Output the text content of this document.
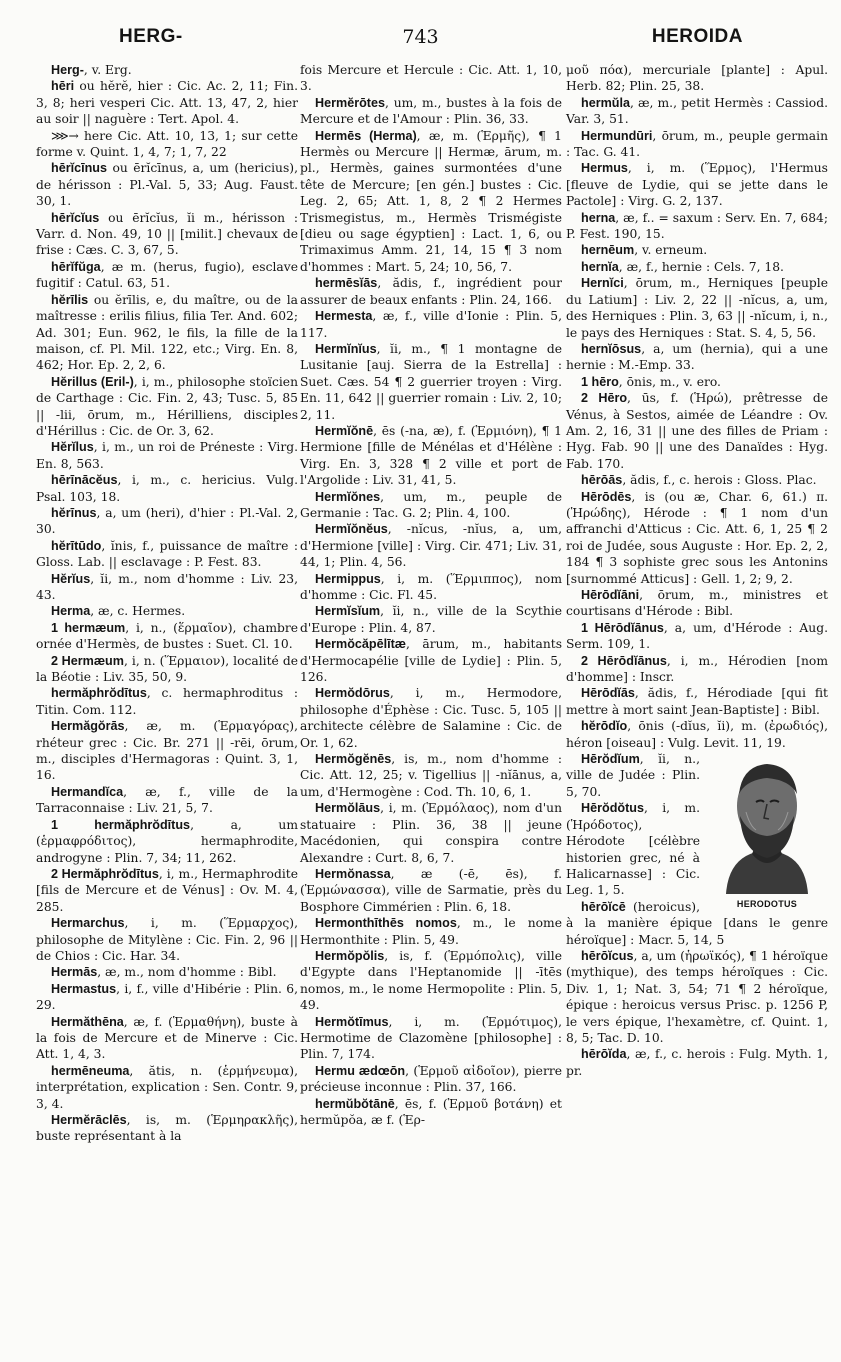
HERG-	743	HEROIDA

Herg-, v. Erg.

hēri ou hĕrĕ, hier : Cic. Ac. 2, 11; Fin. 3, 8; heri vesperi Cic. Att. 13, 47, 2, hier au soir || naguère : Tert. Apol. 4.

⋙→ here Cic. Att. 10, 13, 1; sur cette forme v. Quint. 1, 4, 7; 1, 7, 22

hērĭcīnus ou ērĭcīnus, a, um (hericius), de hérisson : Pl.-Val. 5, 33; Aug. Faust. 30, 1.

hērĭcĭus ou ērĭcĭus, ĭi m., hérisson : Varr. d. Non. 49, 10 || [milit.] chevaux de frise : Cæs. C. 3, 67, 5.

hērĭfŭga, æ m. (herus, fugio), esclave fugitif : Catul. 63, 51.

hĕrīlis ou ĕrīlis, e, du maître, ou de la maîtresse : erilis filius, filia Ter. And. 602; Ad. 301; Eun. 962, le fils, la fille de la maison, cf. Pl. Mil. 122, etc.; Virg. En. 8, 462; Hor. Ep. 2, 2, 6.

Hĕrillus (Eril-), i, m., philosophe stoïcien de Carthage : Cic. Fin. 2, 43; Tusc. 5, 85 || -lii, ōrum, m., Hérilliens, disciples d'Hérillus : Cic. de Or. 3, 62.

Hĕrĭlus, i, m., un roi de Préneste : Virg. En. 8, 563.

hērīnācĕus, i, m., c. hericius. Vulg. Psal. 103, 18.

hĕrīnus, a, um (heri), d'hier : Pl.-Val. 2, 30.

hĕrītūdo, ĭnis, f., puissance de maître : Gloss. Lab. || esclavage : P. Fest. 83.

Hĕrĭus, ĭi, m., nom d'homme : Liv. 23, 43.

Herma, æ, c. Hermes.

1 hermæum, i, n., (ἕρμαῖον), chambre ornée d'Hermès, de bustes : Suet. Cl. 10.

2 Hermæum, i, n. (Ἕρμαιον), localité de la Béotie : Liv. 35, 50, 9.

hermăphrŏdītus, c. hermaphroditus : Titin. Com. 112.

Hermăgŏrās, æ, m. (Ἑρμαγόρας), rhéteur grec : Cic. Br. 271 || -rēi, ōrum, m., disciples d'Hermagoras : Quint. 3, 1, 16.

Hermandĭca, æ, f., ville de la Tarraconnaise : Liv. 21, 5, 7.

1 hermăphrŏdītus, a, um (ἑρμαφρόδιτος), hermaphrodite, androgyne : Plin. 7, 34; 11, 262.

2 Hermăphrŏdītus, i, m., Hermaphrodite [fils de Mercure et de Vénus] : Ov. M. 4, 285.

Hermarchus, i, m. (Ἕρμαρχος), philosophe de Mitylène : Cic. Fin. 2, 96 || de Chios : Cic. Har. 34.

Hermās, æ, m., nom d'homme : Bibl.

Hermastus, i, f., ville d'Hibérie : Plin. 6, 29.

Hermăthēna, æ, f. (Ἑρμαθήνη), buste à la fois de Mercure et de Minerve : Cic. Att. 1, 4, 3.

hermēneuma, ătis, n. (ἑρμήνευμα), interprétation, explication : Sen. Contr. 9, 3, 4.

Hermĕrāclēs, is, m. (Ἑρμηρακλῆς), buste représentant à la

fois Mercure et Hercule : Cic. Att. 1, 10, 3.

Hermĕrōtes, um, m., bustes à la fois de Mercure et de l'Amour : Plin. 36, 33.

Hermēs (Herma), æ, m. (Ἑρμῆς), ¶ 1 Hermès ou Mercure || Hermæ, ārum, m. pl., Hermès, gaines surmontées d'une tête de Mercure; [en gén.] bustes : Cic. Leg. 2, 65; Att. 1, 8, 2 ¶ 2 Hermes Trismegistus, m., Hermès Trismégiste [dieu ou sage égyptien] : Lact. 1, 6, ou Trimaximus Amm. 21, 14, 15 ¶ 3 nom d'hommes : Mart. 5, 24; 10, 56, 7.

hermēsĭās, ădis, f., ingrédient pour assurer de beaux enfants : Plin. 24, 166.

Hermesta, æ, f., ville d'Ionie : Plin. 5, 117.

Hermĭnĭus, ĭi, m., ¶ 1 montagne de Lusitanie [auj. Sierra de la Estrella] : Suet. Cæs. 54 ¶ 2 guerrier troyen : Virg. En. 11, 642 || guerrier romain : Liv. 2, 10; 2, 11.

Hermĭŏnē, ēs (-na, æ), f. (Ἑρμιόνη), ¶ 1 Hermione [fille de Ménélas et d'Hélène : Virg. En. 3, 328 ¶ 2 ville et port de l'Argolide : Liv. 31, 41, 5.

Hermĭŏnes, um, m., peuple de Germanie : Tac. G. 2; Plin. 4, 100.

Hermĭŏnĕus, -nĭcus, -nĭus, a, um, d'Hermione [ville] : Virg. Cir. 471; Liv. 31, 44, 1; Plin. 4, 56.

Hermippus, i, m. (Ἕρμιππος), nom d'homme : Cic. Fl. 45.

Hermĭsĭum, ĭi, n., ville de la Scythie d'Europe : Plin. 4, 87.

Hermŏcăpēlītæ, ārum, m., habitants d'Hermocapélie [ville de Lydie] : Plin. 5, 126.

Hermŏdōrus, i, m., Hermodore, philosophe d'Éphèse : Cic. Tusc. 5, 105 || architecte célèbre de Salamine : Cic. de Or. 1, 62.

Hermŏgĕnēs, is, m., nom d'homme : Cic. Att. 12, 25; v. Tigellius || -nĭānus, a, um, d'Hermogène : Cod. Th. 10, 6, 1.

Hermŏlāus, i, m. (Ἑρμόλαος), nom d'un statuaire : Plin. 36, 38 || jeune Macédonien, qui conspira contre Alexandre : Curt. 8, 6, 7.

Hermŏnassa, æ (-ē, ēs), f. (Ἑρμώνασσα), ville de Sarmatie, près du Bosphore Cimmérien : Plin. 6, 18.

Hermonthīthēs nomos, m., le nome Hermonthite : Plin. 5, 49.

Hermŏpŏlis, is, f. (Ἑρμόπολις), ville d'Egypte dans l'Heptanomide || -ītēs nomos, m., le nome Hermopolite : Plin. 5, 49.

Hermŏtīmus, i, m. (Ἑρμότιμος), Hermotime de Clazomène [philosophe] : Plin. 7, 174.

Hermu ædœōn, (Ἑρμοῦ αἰδοῖον), pierre précieuse inconnue : Plin. 37, 166.

hermŭbŏtānē, ēs, f. (Ἑρμοῦ βοτάνη) et hermŭpŏa, æ f. (Ἑρ-

μοῦ πόα), mercuriale [plante] : Apul. Herb. 82; Plin. 25, 38.

hermŭla, æ, m., petit Hermès : Cassiod. Var. 3, 51.

Hermundūri, ōrum, m., peuple germain : Tac. G. 41.

Hermus, i, m. (Ἕρμος), l'Hermus [fleuve de Lydie, qui se jette dans le Pactole] : Virg. G. 2, 137.

herna, æ, f.. = saxum : Serv. En. 7, 684; P. Fest. 190, 15.

hernēum, v. erneum.

hernĭa, æ, f., hernie : Cels. 7, 18.

Hernĭci, ōrum, m., Herniques [peuple du Latium] : Liv. 2, 22 || -nĭcus, a, um, des Herniques : Plin. 3, 63 || -nĭcum, i, n., le pays des Herniques : Stat. S. 4, 5, 56.

hernĭōsus, a, um (hernia), qui a une hernie : M.-Emp. 33.

1 hēro, ōnis, m., v. ero.

2 Hēro, ūs, f. (Ἡρώ), prêtresse de Vénus, à Sestos, aimée de Léandre : Ov. Am. 2, 16, 31 || une des filles de Priam : Hyg. Fab. 90 || une des Danaïdes : Hyg. Fab. 170.

hērōās, ădis, f., c. herois : Gloss. Plac.

Hērōdēs, is (ou æ, Char. 6, 61.) ɪɪ. (Ἡρώδης), Hérode : ¶ 1 nom d'un affranchi d'Atticus : Cic. Att. 6, 1, 25 ¶ 2 roi de Judée, sous Auguste : Hor. Ep. 2, 2, 184 ¶ 3 sophiste grec sous les Antonins [surnommé Atticus] : Gell. 1, 2; 9, 2.

Hērōdĭāni, ōrum, m., ministres et courtisans d'Hérode : Bibl.

1 Hērōdĭānus, a, um, d'Hérode : Aug. Serm. 109, 1.

2 Hērōdĭānus, i, m., Hérodien [nom d'homme] : Inscr.

Hērōdĭās, ădis, f., Hérodiade [qui fit mettre à mort saint Jean-Baptiste] : Bibl.

hĕrōdĭo, ōnis (-dĭus, ĭi), m. (ἐρωδιός), héron [oiseau] : Vulg. Levit. 11, 19.

HERODOTUS

Hērŏdĭum, ĭi, n., ville de Judée : Plin. 5, 70.

Hērŏdŏtus, i, m. (Ἡρόδοτος), Hérodote [célèbre historien grec, né à Halicarnasse] : Cic. Leg. 1, 5.

hērōĭcē (heroicus), à la manière épique [dans le genre héroïque] : Macr. 5, 14, 5

hērōĭcus, a, um (ἡρωϊκός), ¶ 1 héroïque (mythique), des temps héroïques : Cic. Div. 1, 1; Nat. 3, 54; 71 ¶ 2 héroïque, épique : heroicus versus Prisc. p. 1256 P, le vers épique, l'hexamètre, cf. Quint. 1, 8, 5; Tac. D. 10.

hērōĭda, æ, f., c. herois : Fulg. Myth. 1, pr.
